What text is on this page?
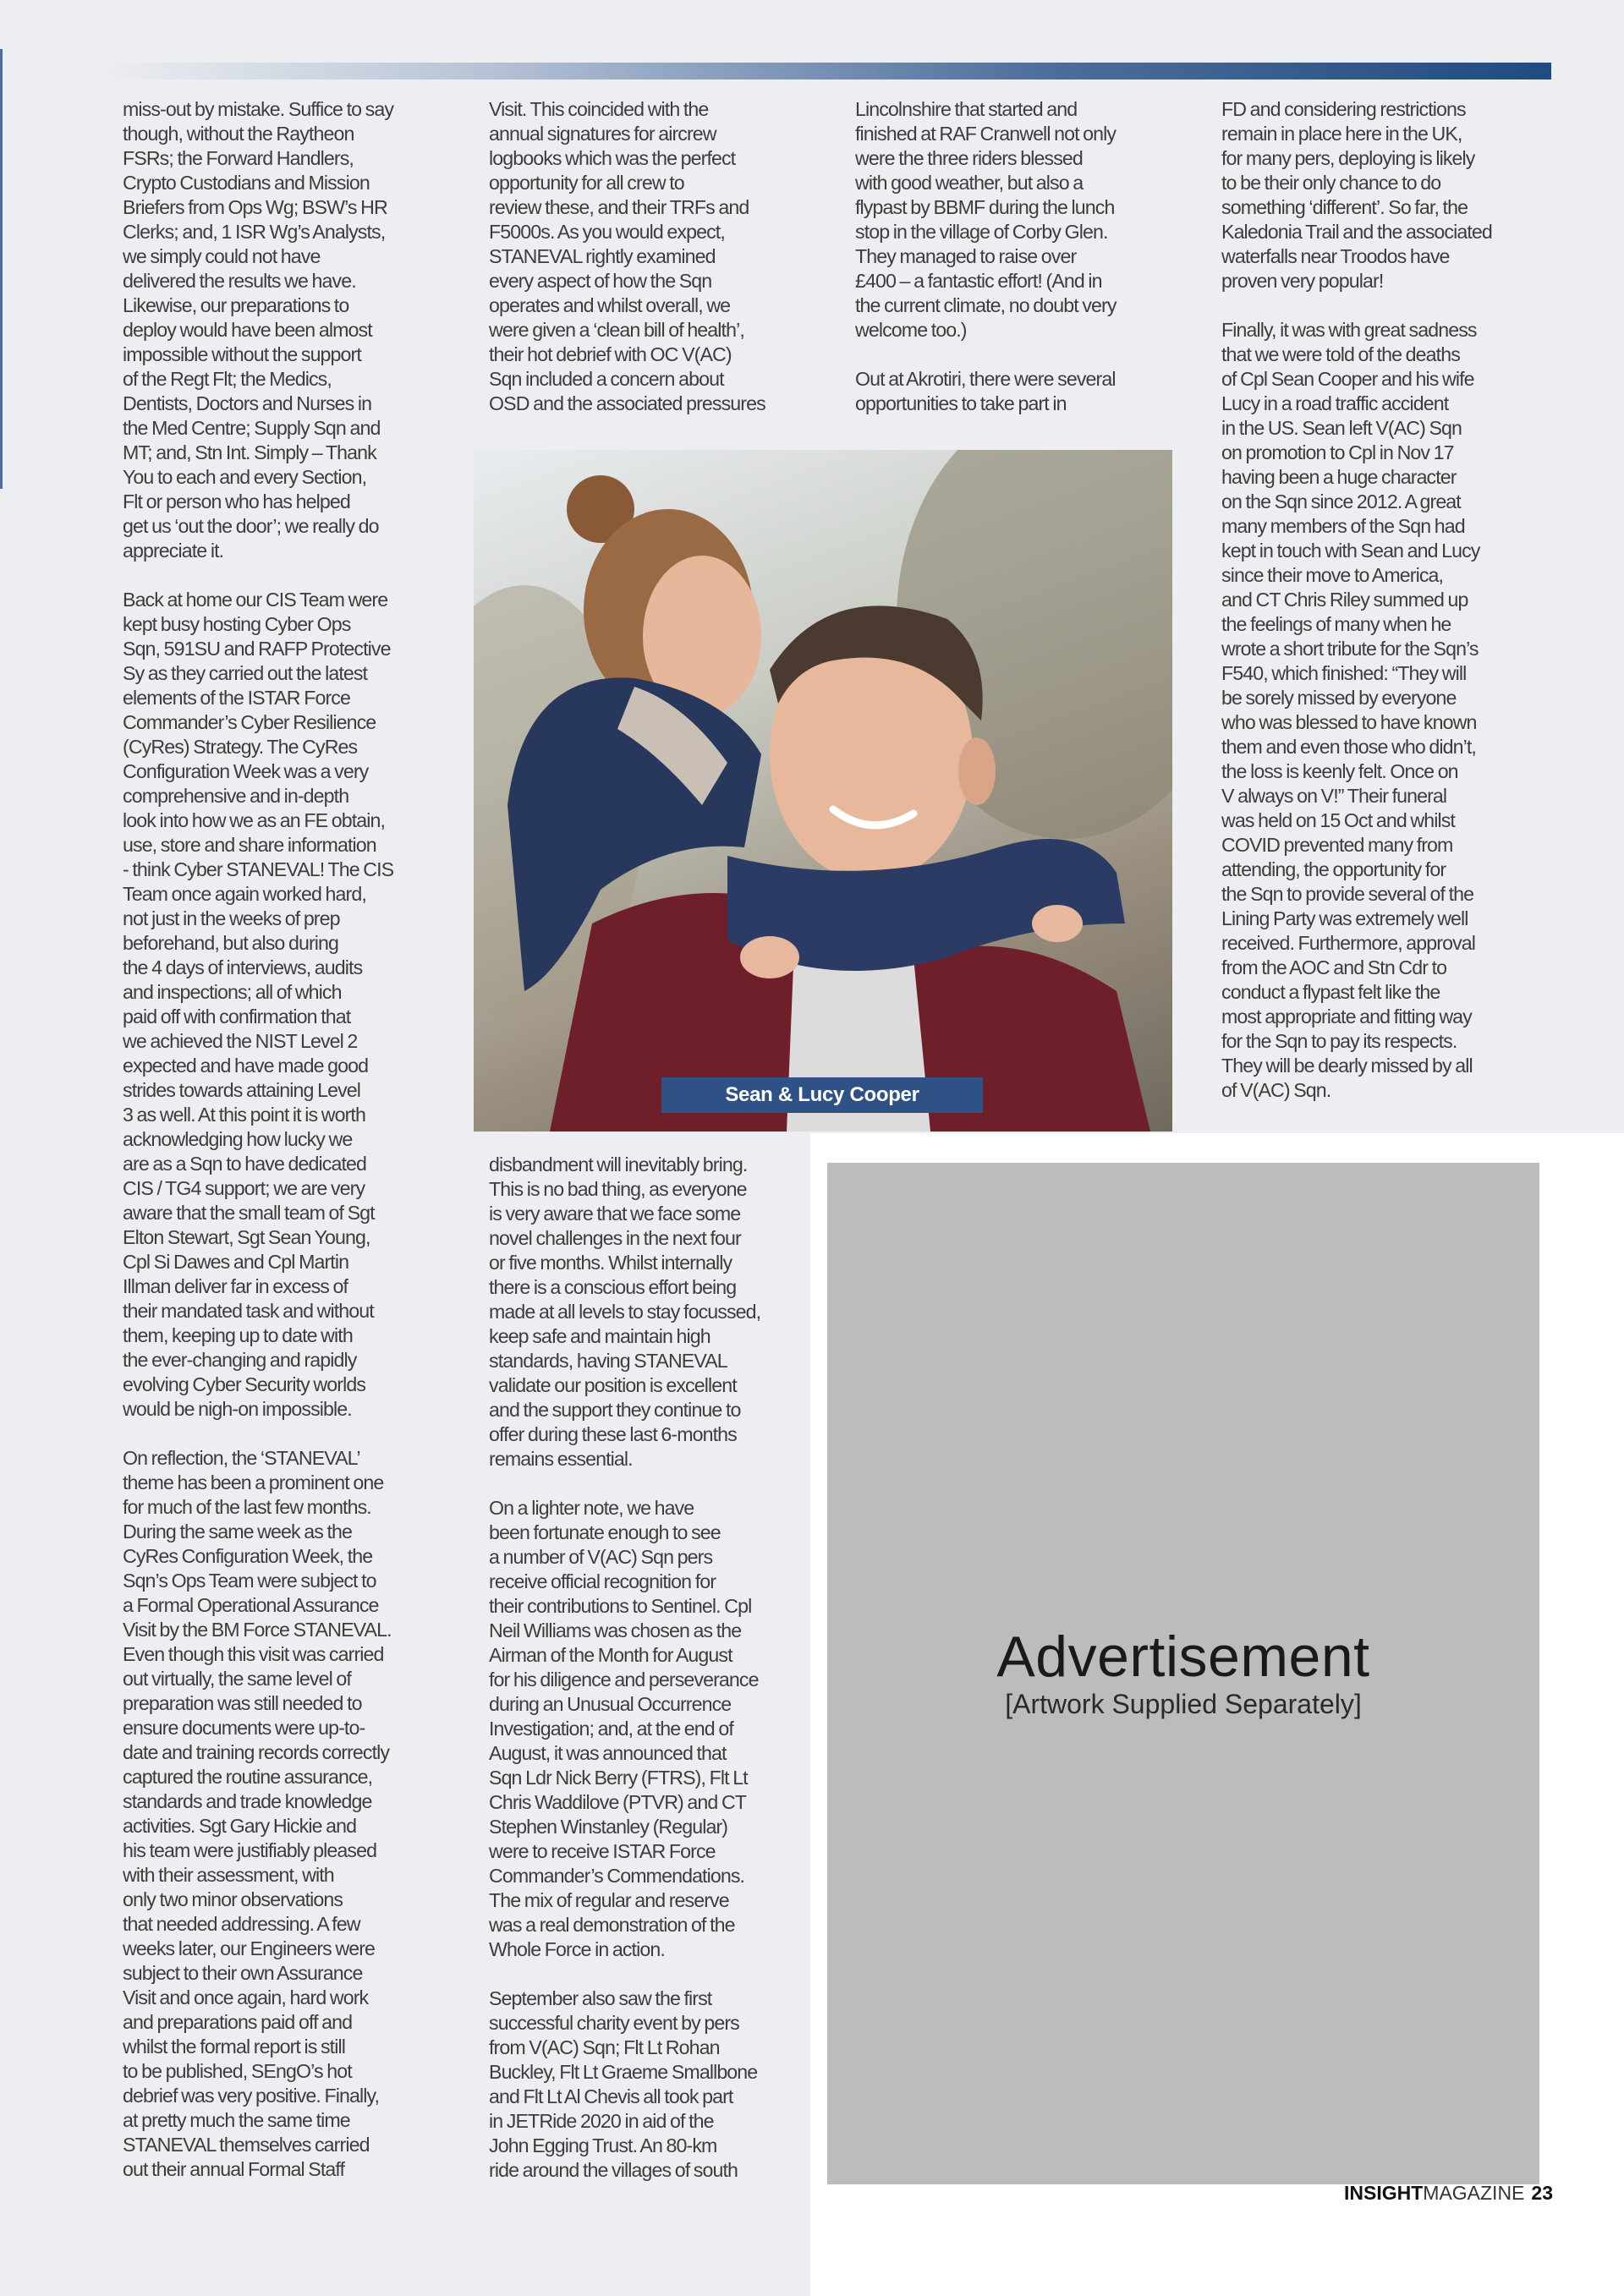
miss-out by mistake. Suffice to say
though, without the Raytheon
FSRs; the Forward Handlers,
Crypto Custodians and Mission
Briefers from Ops Wg; BSW’s HR
Clerks; and, 1 ISR Wg’s Analysts,
we simply could not have
delivered the results we have.
Likewise, our preparations to
deploy would have been almost
impossible without the support
of the Regt Flt; the Medics,
Dentists, Doctors and Nurses in
the Med Centre; Supply Sqn and
MT; and, Stn Int. Simply – Thank
You to each and every Section,
Flt or person who has helped
get us ‘out the door’; we really do
appreciate it.

Back at home our CIS Team were
kept busy hosting Cyber Ops
Sqn, 591SU and RAFP Protective
Sy as they carried out the latest
elements of the ISTAR Force
Commander’s Cyber Resilience
(CyRes) Strategy. The CyRes
Configuration Week was a very
comprehensive and in-depth
look into how we as an FE obtain,
use, store and share information
- think Cyber STANEVAL! The CIS
Team once again worked hard,
not just in the weeks of prep
beforehand, but also during
the 4 days of interviews, audits
and inspections; all of which
paid off with confirmation that
we achieved the NIST Level 2
expected and have made good
strides towards attaining Level
3 as well. At this point it is worth
acknowledging how lucky we
are as a Sqn to have dedicated
CIS / TG4 support; we are very
aware that the small team of Sgt
Elton Stewart, Sgt Sean Young,
Cpl Si Dawes and Cpl Martin
Illman deliver far in excess of
their mandated task and without
them, keeping up to date with
the ever-changing and rapidly
evolving Cyber Security worlds
would be nigh-on impossible.

On reflection, the ‘STANEVAL’
theme has been a prominent one
for much of the last few months.
During the same week as the
CyRes Configuration Week, the
Sqn’s Ops Team were subject to
a Formal Operational Assurance
Visit by the BM Force STANEVAL.
Even though this visit was carried
out virtually, the same level of
preparation was still needed to
ensure documents were up-to-
date and training records correctly
captured the routine assurance,
standards and trade knowledge
activities. Sgt Gary Hickie and
his team were justifiably pleased
with their assessment, with
only two minor observations
that needed addressing. A few
weeks later, our Engineers were
subject to their own Assurance
Visit and once again, hard work
and preparations paid off and
whilst the formal report is still
to be published, SEngO’s hot
debrief was very positive. Finally,
at pretty much the same time
STANEVAL themselves carried
out their annual Formal Staff

Visit. This coincided with the
annual signatures for aircrew
logbooks which was the perfect
opportunity for all crew to
review these, and their TRFs and
F5000s. As you would expect,
STANEVAL rightly examined
every aspect of how the Sqn
operates and whilst overall, we
were given a ‘clean bill of health’,
their hot debrief with OC V(AC)
Sqn included a concern about
OSD and the associated pressures

Lincolnshire that started and
finished at RAF Cranwell not only
were the three riders blessed
with good weather, but also a
flypast by BBMF during the lunch
stop in the village of Corby Glen.
They managed to raise over
£400 – a fantastic effort! (And in
the current climate, no doubt very
welcome too.)

Out at Akrotiri, there were several
opportunities to take part in

FD and considering restrictions
remain in place here in the UK,
for many pers, deploying is likely
to be their only chance to do
something ‘different’. So far, the
Kaledonia Trail and the associated
waterfalls near Troodos have
proven very popular!

Finally, it was with great sadness
that we were told of the deaths
of Cpl Sean Cooper and his wife
Lucy in a road traffic accident
in the US. Sean left V(AC) Sqn
on promotion to Cpl in Nov 17
having been a huge character
on the Sqn since 2012. A great
many members of the Sqn had
kept in touch with Sean and Lucy
since their move to America,
and CT Chris Riley summed up
the feelings of many when he
wrote a short tribute for the Sqn’s
F540, which finished: “They will
be sorely missed by everyone
who was blessed to have known
them and even those who didn’t,
the loss is keenly felt. Once on
V always on V!” Their funeral
was held on 15 Oct and whilst
COVID prevented many from
attending, the opportunity for
the Sqn to provide several of the
Lining Party was extremely well
received. Furthermore, approval
from the AOC and Stn Cdr to
conduct a flypast felt like the
most appropriate and fitting way
for the Sqn to pay its respects.
They will be dearly missed by all
of V(AC) Sqn.

Sean & Lucy Cooper

disbandment will inevitably bring.
This is no bad thing, as everyone
is very aware that we face some
novel challenges in the next four
or five months. Whilst internally
there is a conscious effort being
made at all levels to stay focussed,
keep safe and maintain high
standards, having STANEVAL
validate our position is excellent
and the support they continue to
offer during these last 6-months
remains essential.

On a lighter note, we have
been fortunate enough to see
a number of V(AC) Sqn pers
receive official recognition for
their contributions to Sentinel. Cpl
Neil Williams was chosen as the
Airman of the Month for August
for his diligence and perseverance
during an Unusual Occurrence
Investigation; and, at the end of
August, it was announced that
Sqn Ldr Nick Berry (FTRS), Flt Lt
Chris Waddilove (PTVR) and CT
Stephen Winstanley (Regular)
were to receive ISTAR Force
Commander’s Commendations.
The mix of regular and reserve
was a real demonstration of the
Whole Force in action.

September also saw the first
successful charity event by pers
from V(AC) Sqn; Flt Lt Rohan
Buckley, Flt Lt Graeme Smallbone
and Flt Lt Al Chevis all took part
in JETRide 2020 in aid of the
John Egging Trust. An 80-km
ride around the villages of south

Advertisement
[Artwork Supplied Separately]
INSIGHTMAGAZINE 23
